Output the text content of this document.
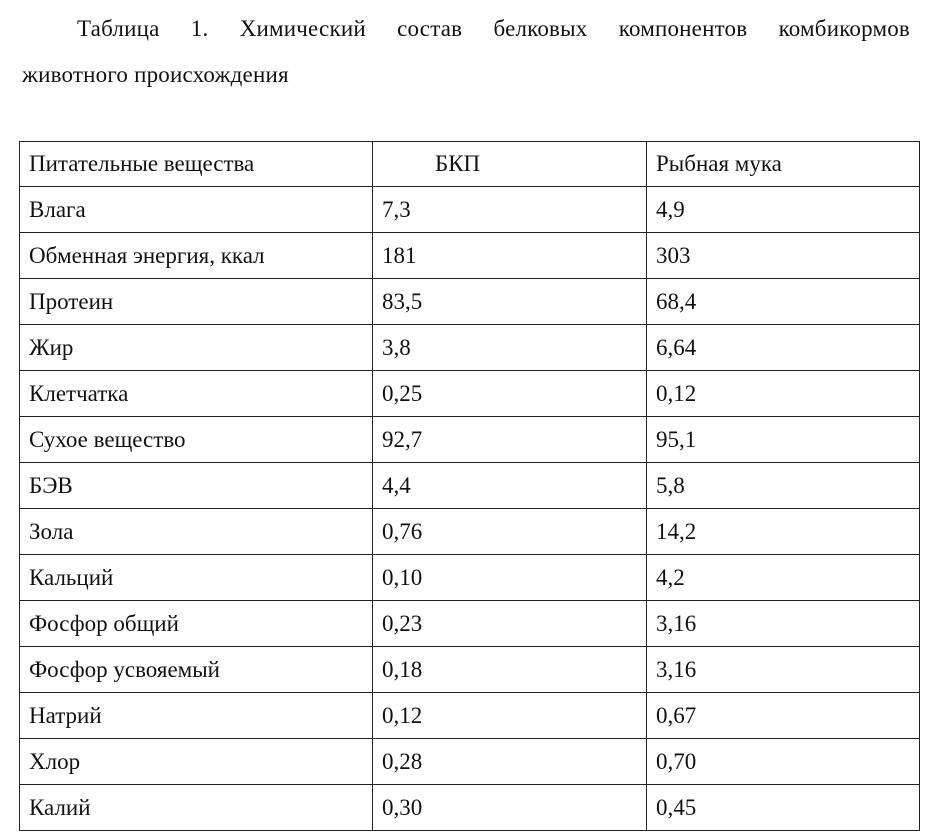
Таблица 1. Химический состав белковых компонентов комбикормов
животного происхождения
Питательные вещества	БКП	Рыбная мука
Влага	7,3	4,9
Обменная энергия, ккал	181	303
Протеин	83,5	68,4
Жир	3,8	6,64
Клетчатка	0,25	0,12
Сухое вещество	92,7	95,1
БЭВ	4,4	5,8
Зола	0,76	14,2
Кальций	0,10	4,2
Фосфор общий	0,23	3,16
Фосфор усвояемый	0,18	3,16
Натрий	0,12	0,67
Хлор	0,28	0,70
Калий	0,30	0,45
